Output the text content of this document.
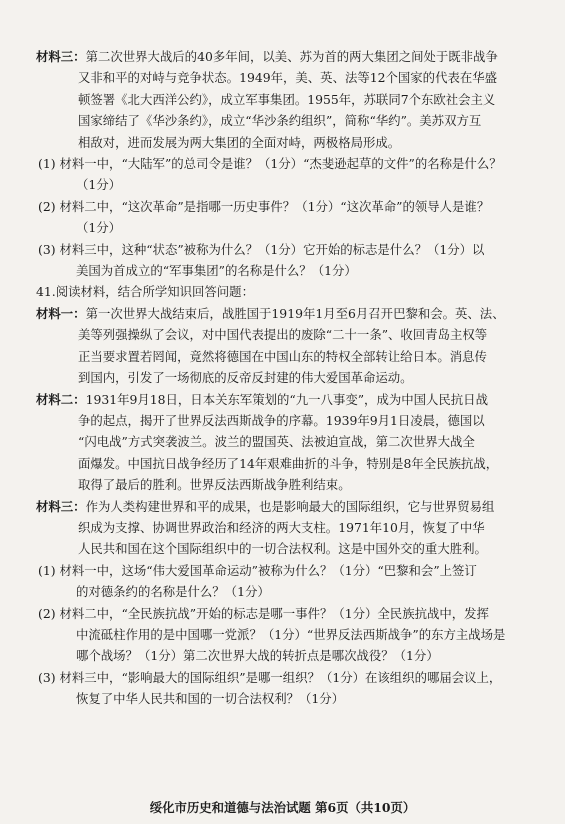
材料三：第二次世界大战后的40多年间，以美、苏为首的两大集团之间处于既非战争
又非和平的对峙与竞争状态。1949年，美、英、法等12个国家的代表在华盛
顿签署《北大西洋公约》，成立军事集团。1955年，苏联同7个东欧社会主义
国家缔结了《华沙条约》，成立“华沙条约组织”，简称“华约”。美苏双方互
相敌对，进而发展为两大集团的全面对峙，两极格局形成。
(1) 材料一中，“大陆军”的总司令是谁？（1分）“杰斐逊起草的文件”的名称是什么？
（1分）
(2) 材料二中，“这次革命”是指哪一历史事件？（1分）“这次革命”的领导人是谁？
（1分）
(3) 材料三中，这种“状态”被称为什么？（1分）它开始的标志是什么？（1分）以
美国为首成立的“军事集团”的名称是什么？（1分）
41.阅读材料，结合所学知识回答问题：
材料一：第一次世界大战结束后，战胜国于1919年1月至6月召开巴黎和会。英、法、
美等列强操纵了会议，对中国代表提出的废除“二十一条”、收回青岛主权等
正当要求置若罔闻，竟然将德国在中国山东的特权全部转让给日本。消息传
到国内，引发了一场彻底的反帝反封建的伟大爱国革命运动。
材料二：1931年9月18日，日本关东军策划的“九一八事变”，成为中国人民抗日战
争的起点，揭开了世界反法西斯战争的序幕。1939年9月1日凌晨，德国以
“闪电战”方式突袭波兰。波兰的盟国英、法被迫宣战，第二次世界大战全
面爆发。中国抗日战争经历了14年艰难曲折的斗争，特别是8年全民族抗战，
取得了最后的胜利。世界反法西斯战争胜利结束。
材料三：作为人类构建世界和平的成果，也是影响最大的国际组织，它与世界贸易组
织成为支撑、协调世界政治和经济的两大支柱。1971年10月，恢复了中华
人民共和国在这个国际组织中的一切合法权利。这是中国外交的重大胜利。
(1) 材料一中，这场“伟大爱国革命运动”被称为什么？（1分）“巴黎和会”上签订
的对德条约的名称是什么？（1分）
(2) 材料二中，“全民族抗战”开始的标志是哪一事件？（1分）全民族抗战中，发挥
中流砥柱作用的是中国哪一党派？（1分）“世界反法西斯战争”的东方主战场是
哪个战场？（1分）第二次世界大战的转折点是哪次战役？（1分）
(3) 材料三中，“影响最大的国际组织”是哪一组织？（1分）在该组织的哪届会议上，
恢复了中华人民共和国的一切合法权利？（1分）
绥化市历史和道德与法治试题 第6页（共10页）
